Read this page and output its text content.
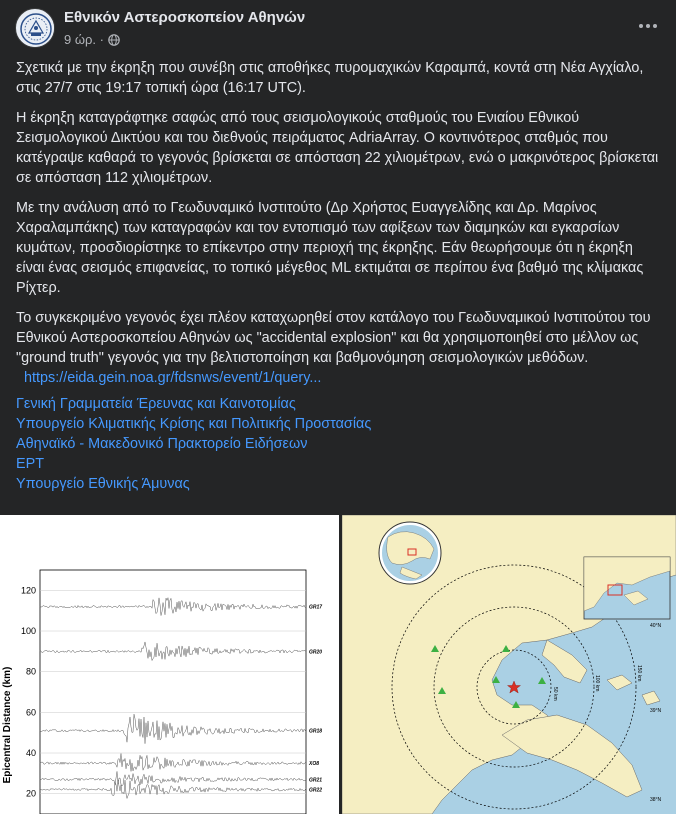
Εθνικόν Αστεροσκοπείον Αθηνών
9 ώρ. ·

Σχετικά με την έκρηξη που συνέβη στις αποθήκες πυρομαχικών Καραμπά, κοντά στη Νέα Αγχίαλο, στις 27/7 στις 19:17 τοπική ώρα (16:17 UTC).

Η έκρηξη καταγράφτηκε σαφώς από τους σεισμολογικούς σταθμούς του Ενιαίου Εθνικού Σεισμολογικού Δικτύου και του διεθνούς πειράματος AdriaArray. Ο κοντινότερος σταθμός που κατέγραψε καθαρά το γεγονός βρίσκεται σε απόσταση 22 χιλιομέτρων, ενώ ο μακρινότερος βρίσκεται σε απόσταση 112 χιλιομέτρων.

Με την ανάλυση από το Γεωδυναμικό Ινστιτούτο (Δρ Χρήστος Ευαγγελίδης και Δρ. Μαρίνος Χαραλαμπάκης) των καταγραφών και τον εντοπισμό των αφίξεων των διαμηκών και εγκαρσίων κυμάτων, προσδιορίστηκε το επίκεντρο στην περιοχή της έκρηξης. Εάν θεωρήσουμε ότι η έκρηξη είναι ένας σεισμός επιφανείας, το τοπικό μέγεθος ML εκτιμάται σε περίπου ένα βαθμό της κλίμακας Ρίχτερ.

Το συγκεκριμένο γεγονός έχει πλέον καταχωρηθεί στον κατάλογο του Γεωδυναμικού Ινστιτούτου του Εθνικού Αστεροσκοπείου Αθηνών ως "accidental explosion" και θα χρησιμοποιηθεί στο μέλλον ως "ground truth" γεγονός για την βελτιστοποίηση και βαθμονόμηση σεισμολογικών μεθόδων.

https://eida.gein.noa.gr/fdsnws/event/1/query...

Γενική Γραμματεία Έρευνας και Καινοτομίας
Υπουργείο Κλιματικής Κρίσης και Πολιτικής Προστασίας
Αθηναϊκό - Μακεδονικό Πρακτορείο Ειδήσεων
ΕΡΤ
Υπουργείο Εθνικής Άμυνας
Epicentral Distance (km)
120
100
80
60
40
20
GR17
GR20
GR18
XO8
GR21
GR22
50 km
100 km
150 km
40°N
39°N
38°N
